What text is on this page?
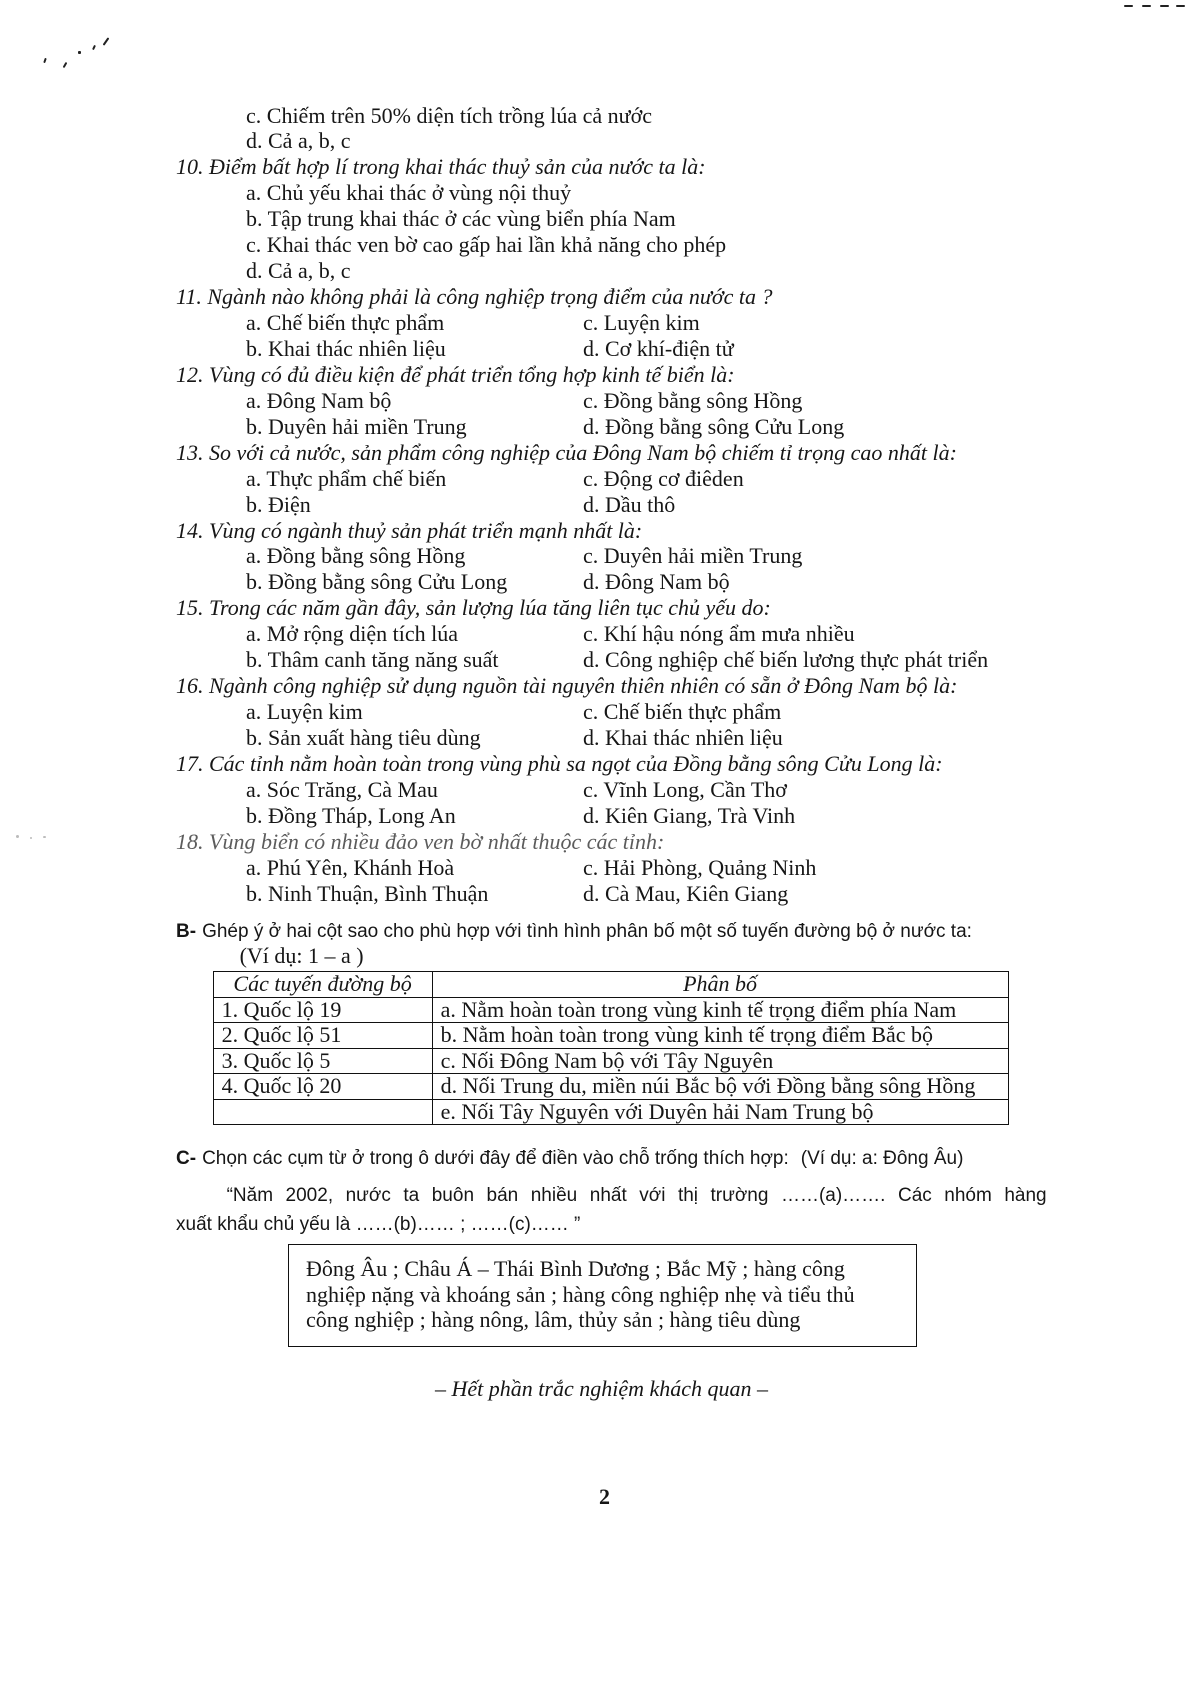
c. Chiếm trên 50% diện tích trồng lúa cả nước
d. Cả a, b, c
10. Điểm bất hợp lí trong khai thác thuỷ sản của nước ta là:
a. Chủ yếu khai thác ở vùng nội thuỷ
b. Tập trung khai thác ở các vùng biển phía Nam
c. Khai thác ven bờ cao gấp hai lần khả năng cho phép
d. Cả a, b, c
11. Ngành nào không phải là công nghiệp trọng điểm của nước ta ?
a. Chế biến thực phẩm	c. Luyện kim
b. Khai thác nhiên liệu	d. Cơ khí-điện tử
12. Vùng có đủ điều kiện để phát triển tổng hợp kinh tế biển là:
a. Đông Nam bộ	c. Đồng bằng sông Hồng
b. Duyên hải miền Trung	d. Đồng bằng sông Cửu Long
13. So với cả nước, sản phẩm công nghiệp của Đông Nam bộ chiếm tỉ trọng cao nhất là:
a. Thực phẩm chế biến	c. Động cơ điêden
b. Điện	d. Dầu thô
14. Vùng có ngành thuỷ sản phát triển mạnh nhất là:
a. Đồng bằng sông Hồng	c. Duyên hải miền Trung
b. Đồng bằng sông Cửu Long	d. Đông Nam bộ
15. Trong các năm gần đây, sản lượng lúa tăng liên tục chủ yếu do:
a. Mở rộng diện tích lúa	c. Khí hậu nóng ẩm mưa nhiều
b. Thâm canh tăng năng suất	d. Công nghiệp chế biến lương thực phát triển
16. Ngành công nghiệp sử dụng nguồn tài nguyên thiên nhiên có sẵn ở Đông Nam bộ là:
a. Luyện kim	c. Chế biến thực phẩm
b. Sản xuất hàng tiêu dùng	d. Khai thác nhiên liệu
17. Các tỉnh nằm hoàn toàn trong vùng phù sa ngọt của Đồng bằng sông Cửu Long là:
a. Sóc Trăng, Cà Mau	c. Vĩnh Long, Cần Thơ
b. Đồng Tháp, Long An	d. Kiên Giang, Trà Vinh
18. Vùng biển có nhiều đảo ven bờ nhất thuộc các tỉnh:
a. Phú Yên, Khánh Hoà	c. Hải Phòng, Quảng Ninh
b. Ninh Thuận, Bình Thuận	d. Cà Mau, Kiên Giang
B- Ghép ý ở hai cột sao cho phù hợp với tình hình phân bố một số tuyến đường bộ ở nước ta:
(Ví dụ: 1 – a )
Các tuyến đường bộ	Phân bố
1. Quốc lộ 19	a. Nằm hoàn toàn trong vùng kinh tế trọng điểm phía Nam
2. Quốc lộ 51	b. Nằm hoàn toàn trong vùng kinh tế trọng điểm Bắc bộ
3. Quốc lộ 5	c. Nối Đông Nam bộ với Tây Nguyên
4. Quốc lộ 20	d. Nối Trung du, miền núi Bắc bộ với Đồng bằng sông Hồng
	e. Nối Tây Nguyên với Duyên hải Nam Trung bộ
C- Chọn các cụm từ ở trong ô dưới đây để điền vào chỗ trống thích hợp: (Ví dụ: a: Đông Âu)
“Năm 2002, nước ta buôn bán nhiều nhất với thị trường ……(a)……. Các nhóm hàng
xuất khẩu chủ yếu là ……(b)…… ; ……(c)…… ”
Đông Âu ; Châu Á – Thái Bình Dương ; Bắc Mỹ ; hàng công
nghiệp nặng và khoáng sản ; hàng công nghiệp nhẹ và tiểu thủ
công nghiệp ; hàng nông, lâm, thủy sản ; hàng tiêu dùng
– Hết phần trắc nghiệm khách quan –
2
